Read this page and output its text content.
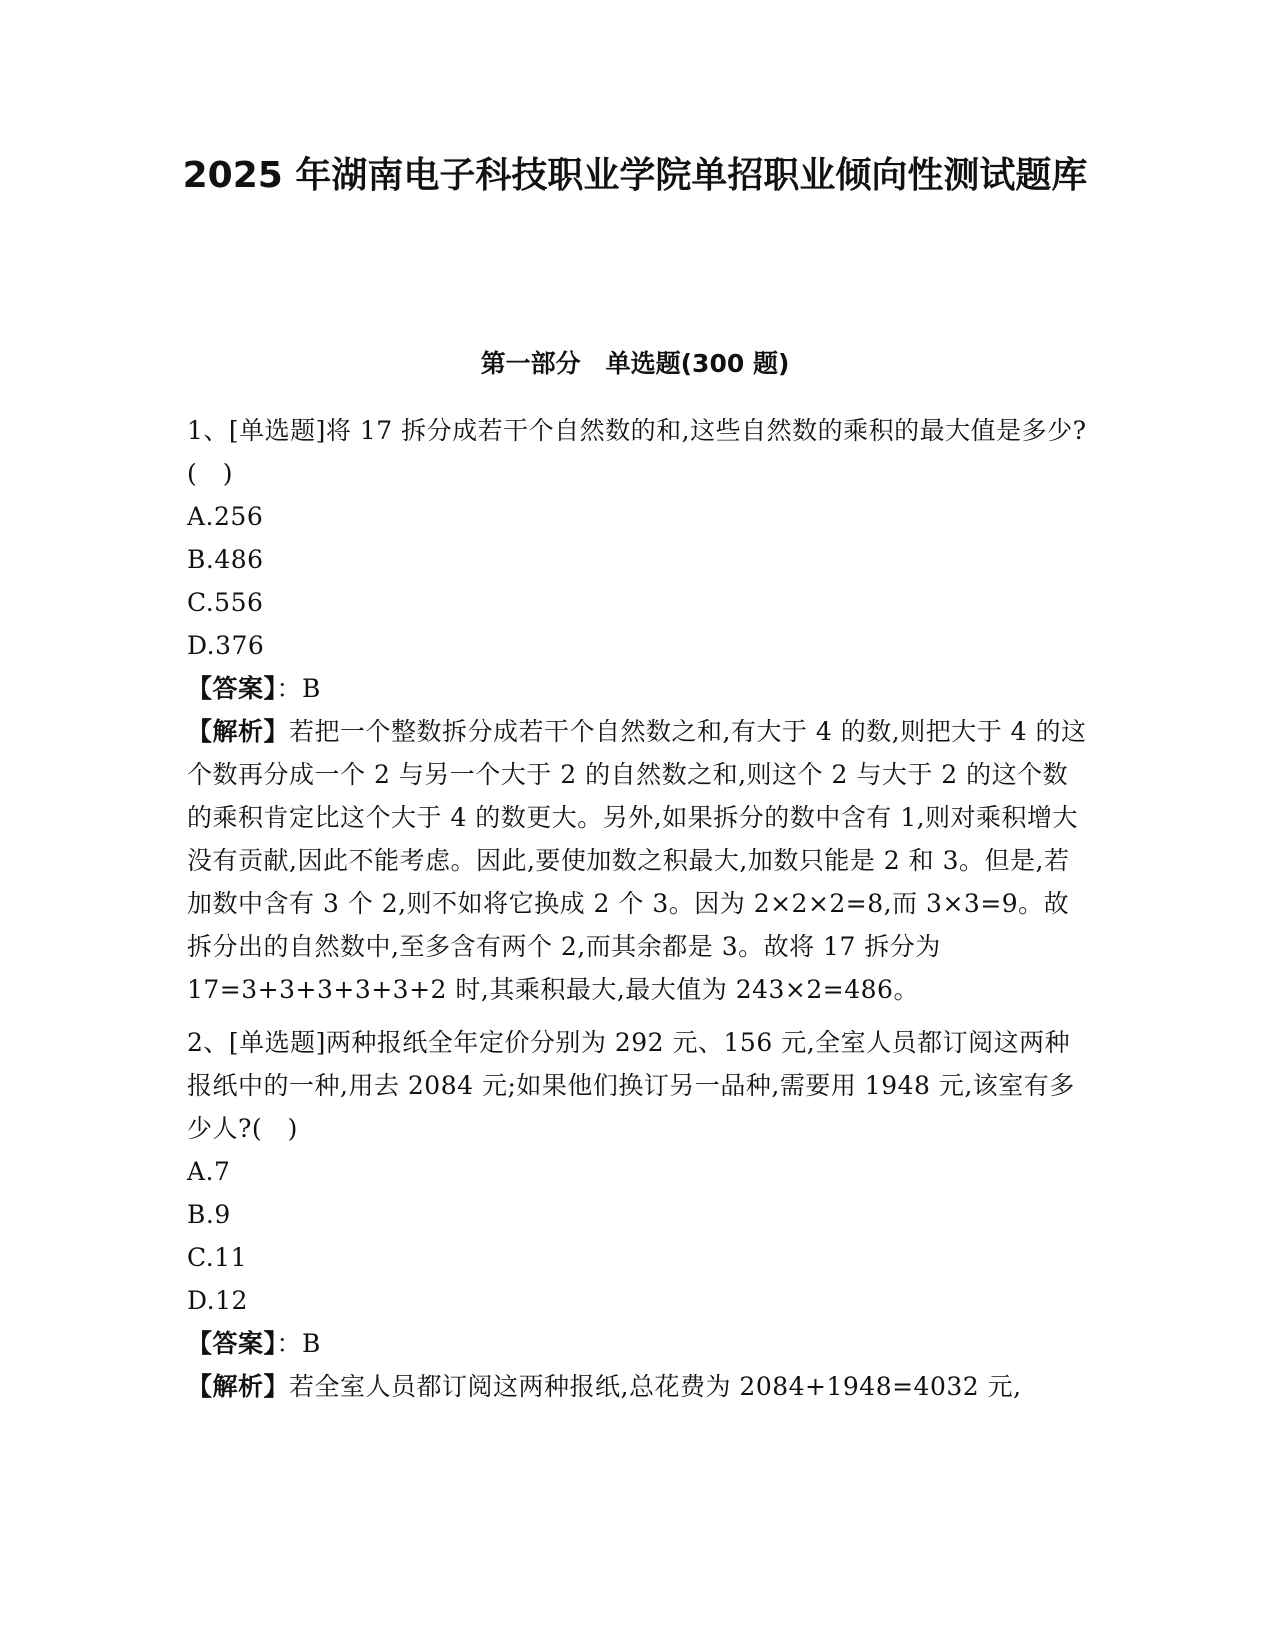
2025 年湖南电子科技职业学院单招职业倾向性测试题库
第一部分　单选题(300 题)

1、[单选题]将 17 拆分成若干个自然数的和,这些自然数的乘积的最大值是多少?(　)

A.256

B.486

C.556

D.376

【答案】：B

【解析】若把一个整数拆分成若干个自然数之和,有大于 4 的数,则把大于 4 的这个数再分成一个 2 与另一个大于 2 的自然数之和,则这个 2 与大于 2 的这个数的乘积肯定比这个大于 4 的数更大。另外,如果拆分的数中含有 1,则对乘积增大没有贡献,因此不能考虑。因此,要使加数之积最大,加数只能是 2 和 3。但是,若加数中含有 3 个 2,则不如将它换成 2 个 3。因为 2×2×2=8,而 3×3=9。故拆分出的自然数中,至多含有两个 2,而其余都是 3。故将 17 拆分为 17=3+3+3+3+3+2 时,其乘积最大,最大值为 243×2=486。

2、[单选题]两种报纸全年定价分别为 292 元、156 元,全室人员都订阅这两种报纸中的一种,用去 2084 元;如果他们换订另一品种,需要用 1948 元,该室有多少人?(　)

A.7

B.9

C.11

D.12

【答案】：B

【解析】若全室人员都订阅这两种报纸,总花费为 2084+1948=4032 元,
